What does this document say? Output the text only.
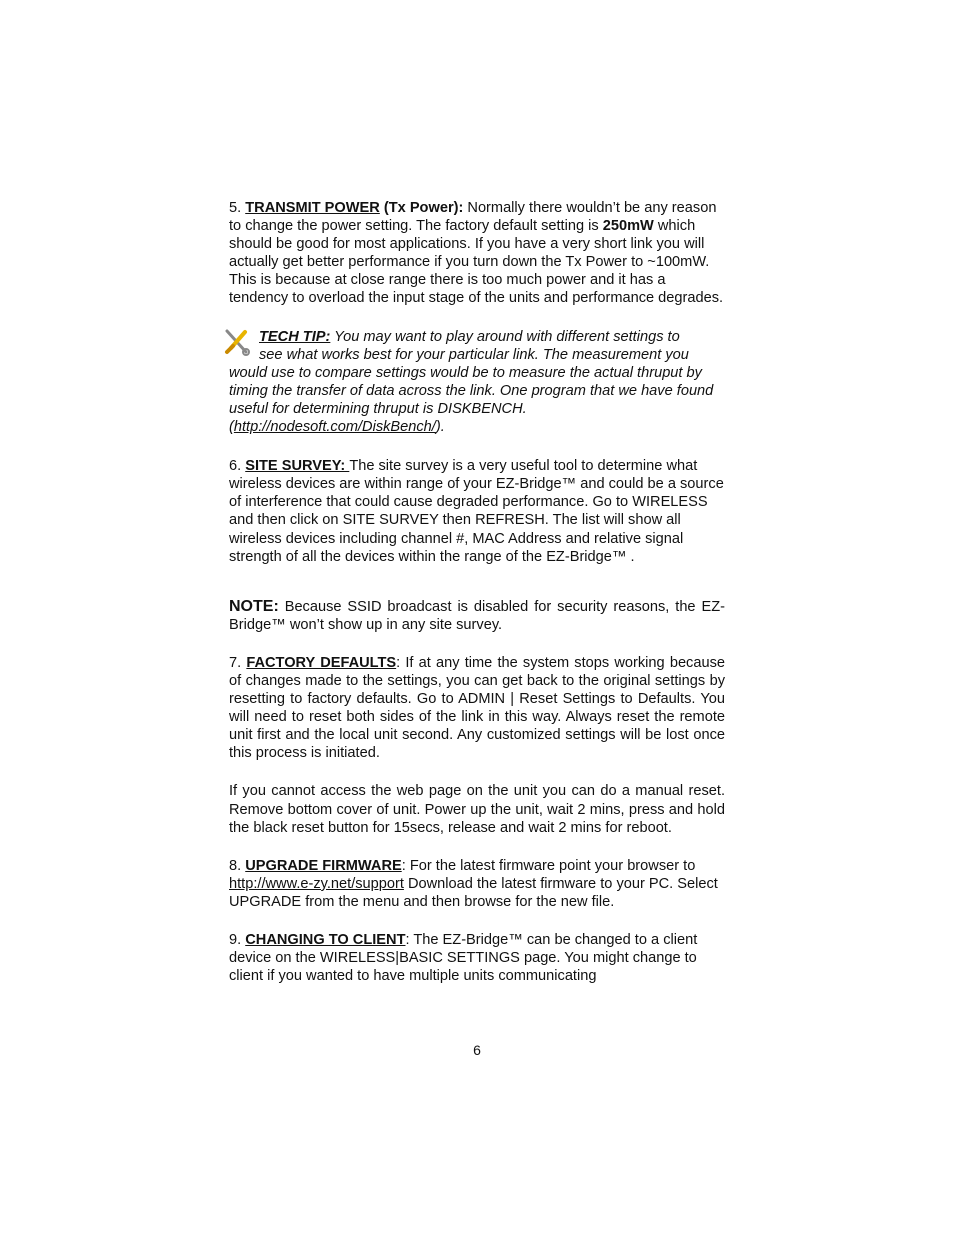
5. TRANSMIT POWER (Tx Power): Normally there wouldn’t be any reason to change the power setting. The factory default setting is 250mW which should be good for most applications. If you have a very short link you will actually get better performance if you turn down the Tx Power to ~100mW. This is because at close range there is too much power and it has a tendency to overload the input stage of the units and performance degrades.

TECH TIP: You may want to play around with different settings to

see what works best for your particular link. The measurement you

would use to compare settings would be to measure the actual thruput by timing the transfer of data across the link. One program that we have found useful for determining thruput is DISKBENCH. (http://nodesoft.com/DiskBench/).

6. SITE SURVEY: The site survey is a very useful tool to determine what wireless devices are within range of your EZ-Bridge™ and could be a source of interference that could cause degraded performance. Go to WIRELESS and then click on SITE SURVEY then REFRESH. The list will show all wireless devices including channel #, MAC Address and relative signal strength of all the devices within the range of the EZ-Bridge™ .

NOTE: Because SSID broadcast is disabled for security reasons, the EZ-Bridge™ won’t show up in any site survey.

7. FACTORY DEFAULTS: If at any time the system stops working because of changes made to the settings, you can get back to the original settings by resetting to factory defaults. Go to ADMIN | Reset Settings to Defaults. You will need to reset both sides of the link in this way. Always reset the remote unit first and the local unit second. Any customized settings will be lost once this process is initiated.

If you cannot access the web page on the unit you can do a manual reset. Remove bottom cover of unit. Power up the unit, wait 2 mins, press and hold the black reset button for 15secs, release and wait 2 mins for reboot.

8. UPGRADE FIRMWARE: For the latest firmware point your browser to http://www.e-zy.net/support Download the latest firmware to your PC. Select UPGRADE from the menu and then browse for the new file.

9. CHANGING TO CLIENT: The EZ-Bridge™ can be changed to a client device on the WIRELESS|BASIC SETTINGS page. You might change to client if you wanted to have multiple units communicating

6
